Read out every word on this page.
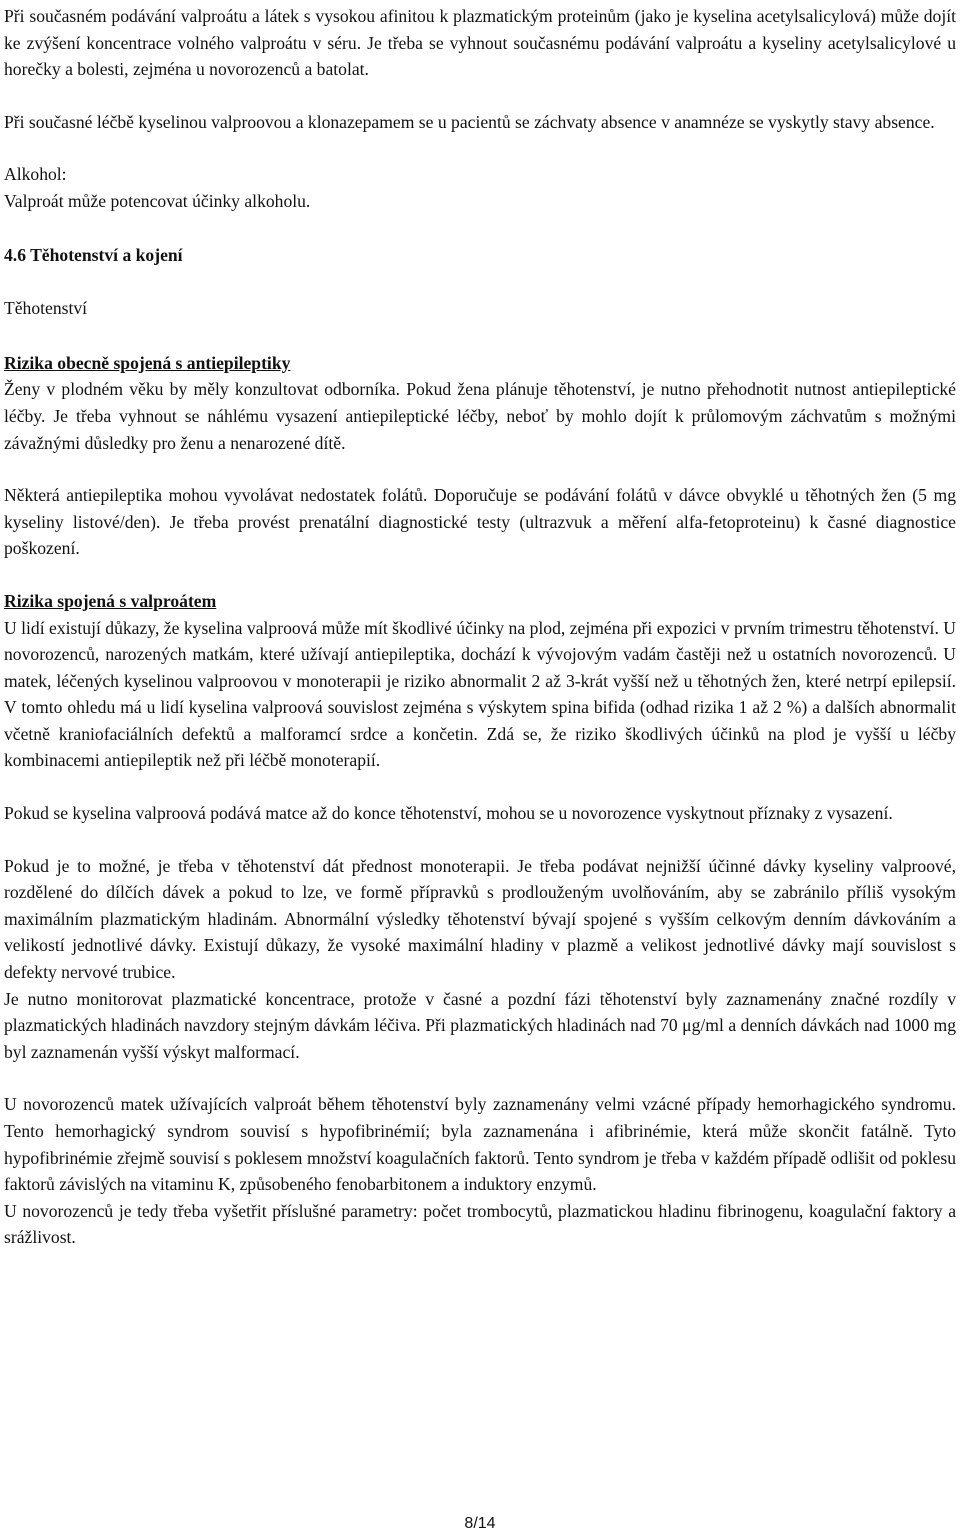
Při současném podávání valproátu a látek s vysokou afinitou k plazmatickým proteinům (jako je kyselina acetylsalicylová) může dojít ke zvýšení koncentrace volného valproátu v séru. Je třeba se vyhnout současnému podávání valproátu a kyseliny acetylsalicylové u horečky a bolesti, zejména u novorozenců a batolat.

Při současné léčbě kyselinou valproovou a klonazepamem se u pacientů se záchvaty absence v anamnéze se vyskytly stavy absence.

Alkohol:

Valproát může potencovat účinky alkoholu.

4.6 Těhotenství a kojení

Těhotenství

Rizika obecně spojená s antiepileptiky

Ženy v plodném věku by měly konzultovat odborníka. Pokud žena plánuje těhotenství, je nutno přehodnotit nutnost antiepileptické léčby. Je třeba vyhnout se náhlému vysazení antiepileptické léčby, neboť by mohlo dojít k průlomovým záchvatům s možnými závažnými důsledky pro ženu a nenarozené dítě.

Některá antiepileptika mohou vyvolávat nedostatek folátů. Doporučuje se podávání folátů v dávce obvyklé u těhotných žen (5 mg kyseliny listové/den). Je třeba provést prenatální diagnostické testy (ultrazvuk a měření alfa-fetoproteinu) k časné diagnostice poškození.

Rizika spojená s valproátem

U lidí existují důkazy, že kyselina valproová může mít škodlivé účinky na plod, zejména při expozici v prvním trimestru těhotenství. U novorozenců, narozených matkám, které užívají antiepileptika, dochází k vývojovým vadám častěji než u ostatních novorozenců. U matek, léčených kyselinou valproovou v monoterapii je riziko abnormalit 2 až 3-krát vyšší než u těhotných žen, které netrpí epilepsií. V tomto ohledu má u lidí kyselina valproová souvislost zejména s výskytem spina bifida (odhad rizika 1 až 2 %) a dalších abnormalit včetně kraniofaciálních defektů a malforamcí srdce a končetin. Zdá se, že riziko škodlivých účinků na plod je vyšší u léčby kombinacemi antiepileptik než při léčbě monoterapií.

Pokud se kyselina valproová podává matce až do konce těhotenství, mohou se u novorozence vyskytnout příznaky z vysazení.

Pokud je to možné, je třeba v těhotenství dát přednost monoterapii. Je třeba podávat nejnižší účinné dávky kyseliny valproové, rozdělené do dílčích dávek a pokud to lze, ve formě přípravků s prodlouženým uvolňováním, aby se zabránilo příliš vysokým maximálním plazmatickým hladinám. Abnormální výsledky těhotenství bývají spojené s vyšším celkovým denním dávkováním a velikostí jednotlivé dávky. Existují důkazy, že vysoké maximální hladiny v plazmě a velikost jednotlivé dávky mají souvislost s defekty nervové trubice.

Je nutno monitorovat plazmatické koncentrace, protože v časné a pozdní fázi těhotenství byly zaznamenány značné rozdíly v plazmatických hladinách navzdory stejným dávkám léčiva. Při plazmatických hladinách nad 70 μg/ml a denních dávkách nad 1000 mg byl zaznamenán vyšší výskyt malformací.

U novorozenců matek užívajících valproát během těhotenství byly zaznamenány velmi vzácné případy hemorhagického syndromu. Tento hemorhagický syndrom souvisí s hypofibrinémií; byla zaznamenána i afibrinémie, která může skončit fatálně. Tyto hypofibrinémie zřejmě souvisí s poklesem množství koagulačních faktorů. Tento syndrom je třeba v každém případě odlišit od poklesu faktorů závislých na vitaminu K, způsobeného fenobarbitonem a induktory enzymů.

U novorozenců je tedy třeba vyšetřit příslušné parametry: počet trombocytů, plazmatickou hladinu fibrinogenu, koagulační faktory a srážlivost.

8/14
